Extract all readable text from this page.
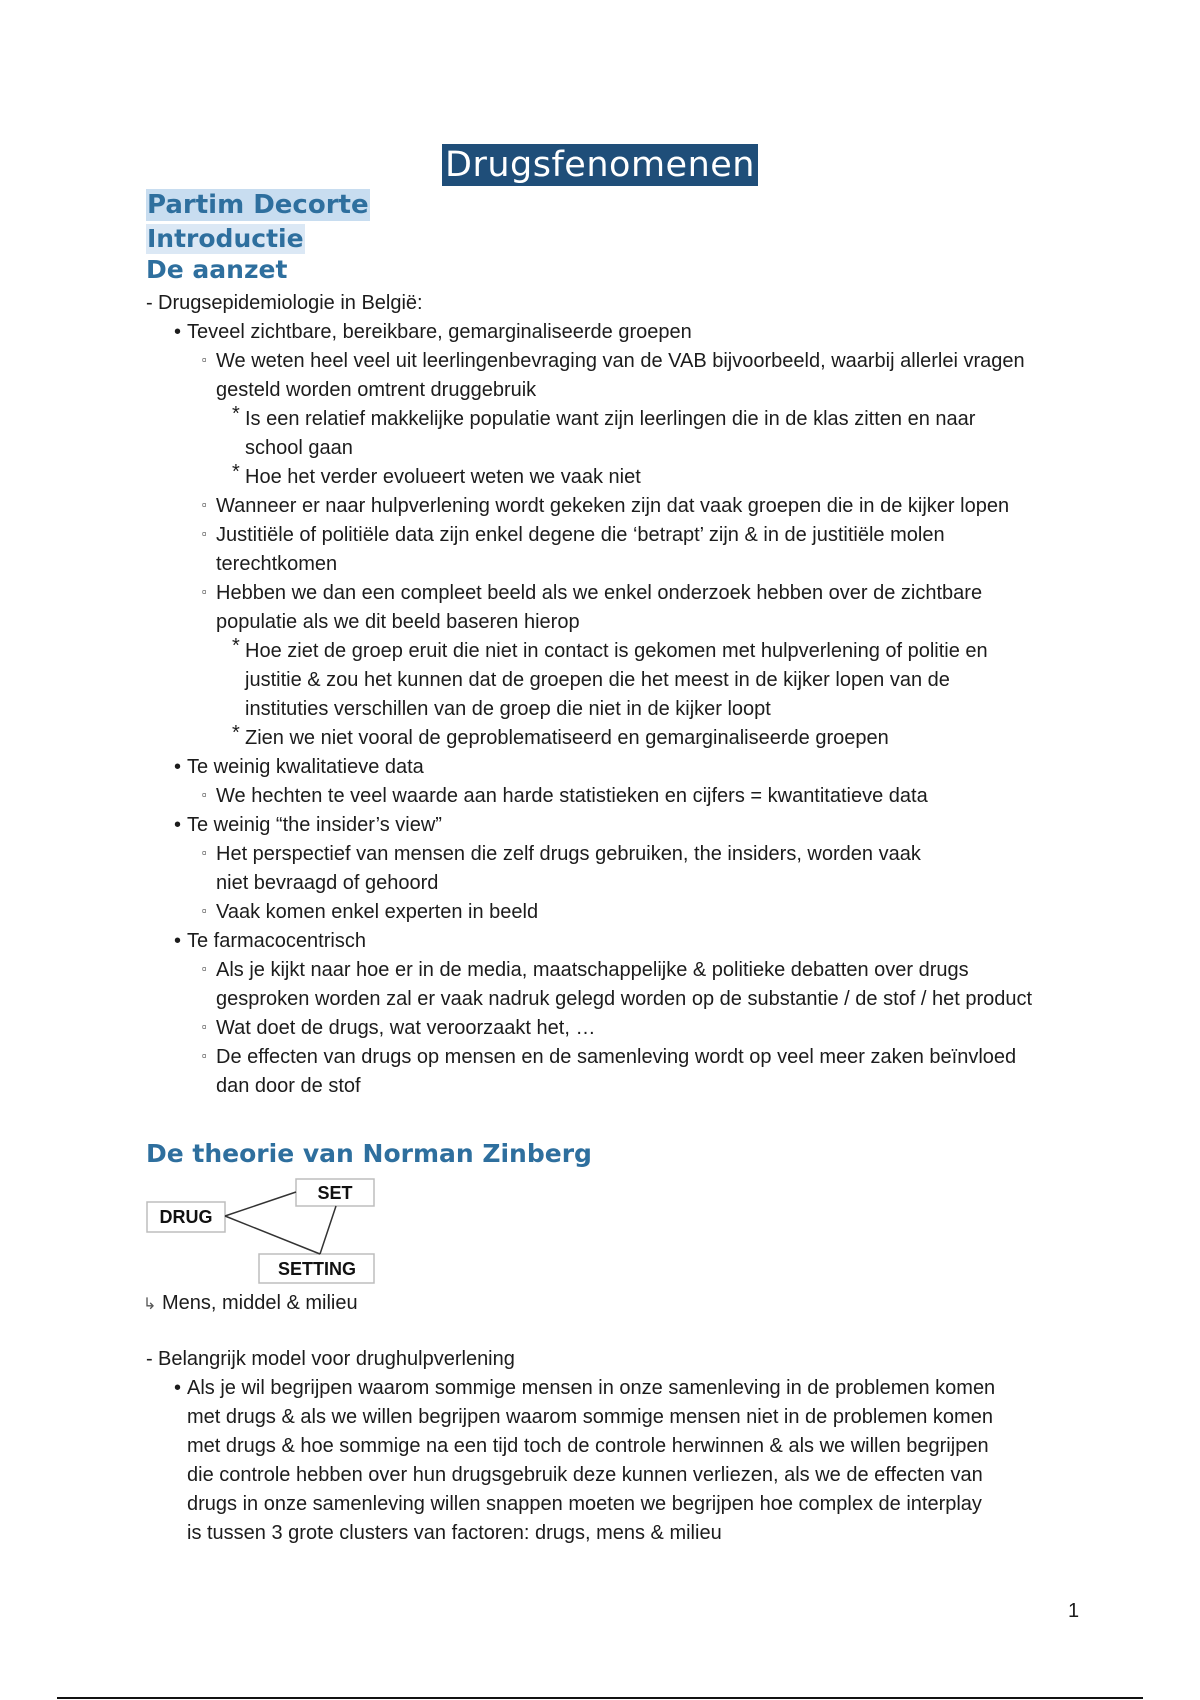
Drugsfenomenen
Partim Decorte
Introductie
De aanzet
- Drugsepidemiologie in België:
• Teveel zichtbare, bereikbare, gemarginaliseerde groepen
▫ We weten heel veel uit leerlingenbevraging van de VAB bijvoorbeeld, waarbij allerlei vragen
gesteld worden omtrent druggebruik
* Is een relatief makkelijke populatie want zijn leerlingen die in de klas zitten en naar
school gaan
* Hoe het verder evolueert weten we vaak niet
▫ Wanneer er naar hulpverlening wordt gekeken zijn dat vaak groepen die in de kijker lopen
▫ Justitiële of politiële data zijn enkel degene die ‘betrapt’ zijn & in de justitiële molen
terechtkomen
▫ Hebben we dan een compleet beeld als we enkel onderzoek hebben over de zichtbare
populatie als we dit beeld baseren hierop
* Hoe ziet de groep eruit die niet in contact is gekomen met hulpverlening of politie en
justitie & zou het kunnen dat de groepen die het meest in de kijker lopen van de
instituties verschillen van de groep die niet in de kijker loopt
* Zien we niet vooral de geproblematiseerd en gemarginaliseerde groepen
• Te weinig kwalitatieve data
▫ We hechten te veel waarde aan harde statistieken en cijfers = kwantitatieve data
• Te weinig “the insider’s view”
▫ Het perspectief van mensen die zelf drugs gebruiken, the insiders, worden vaak
niet bevraagd of gehoord
▫ Vaak komen enkel experten in beeld
• Te farmacocentrisch
▫ Als je kijkt naar hoe er in de media, maatschappelijke & politieke debatten over drugs
gesproken worden zal er vaak nadruk gelegd worden op de substantie / de stof / het product
▫ Wat doet de drugs, wat veroorzaakt het, …
▫ De effecten van drugs op mensen en de samenleving wordt op veel meer zaken beïnvloed
dan door de stof
De theorie van Norman Zinberg
DRUG
SET
SETTING
↳ Mens, middel & milieu
- Belangrijk model voor drughulpverlening
• Als je wil begrijpen waarom sommige mensen in onze samenleving in de problemen komen
met drugs & als we willen begrijpen waarom sommige mensen niet in de problemen komen
met drugs & hoe sommige na een tijd toch de controle herwinnen & als we willen begrijpen
die controle hebben over hun drugsgebruik deze kunnen verliezen, als we de effecten van
drugs in onze samenleving willen snappen moeten we begrijpen hoe complex de interplay
is tussen 3 grote clusters van factoren: drugs, mens & milieu
1
